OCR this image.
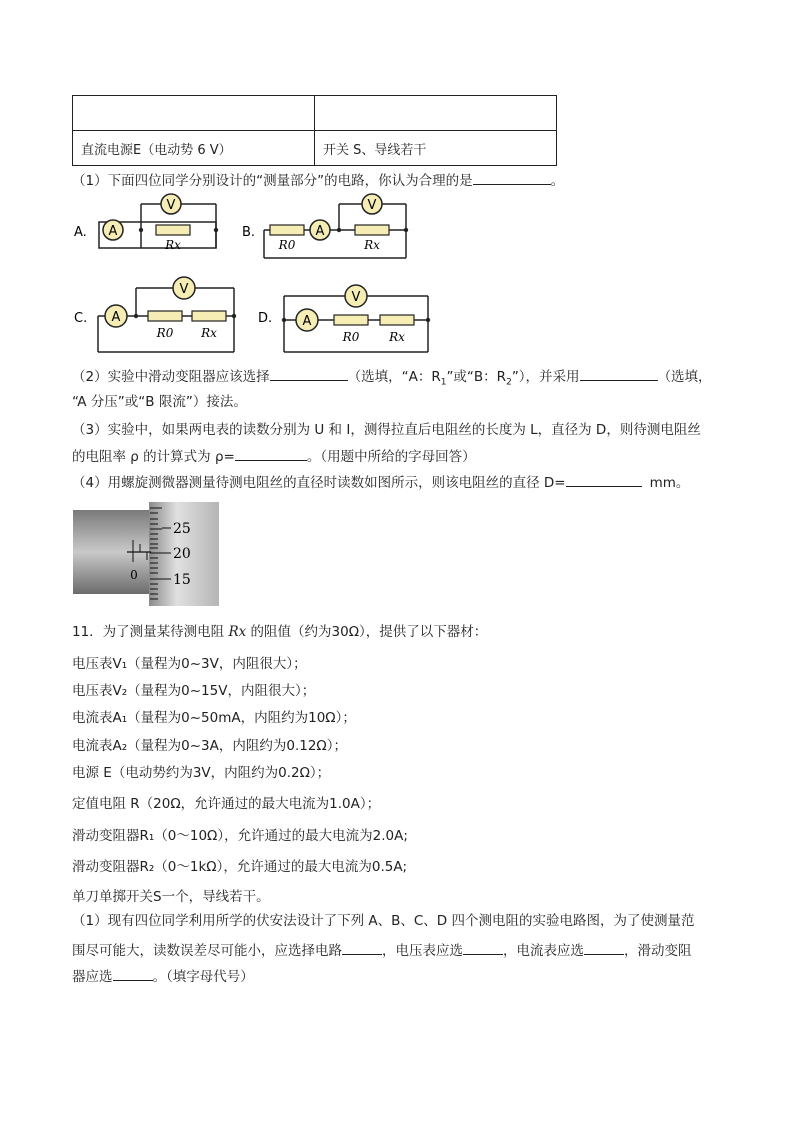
直流电源E（电动势 6 V）	开关 S、导线若干
（1）下面四位同学分别设计的“测量部分”的电路，你认为合理的是	。
A. A
V
Rx
B.
R0
A
V
Rx
C. A
V
R0 Rx
D.
V
A
R0 Rx
（2）实验中滑动变阻器应该选择	（选填，“A：$R_1$”或“B：$R_2$”），并采用	（选填，
“A 分压”或“B 限流”）接法。
（3）实验中，如果两电表的读数分别为 U 和 I，测得拉直后电阻丝的长度为 L，直径为 D，则待测电阻丝
的电阻率 ρ 的计算式为 ρ=	。（用题中所给的字母回答）
（4）用螺旋测微器测量待测电阻丝的直径时读数如图所示，则该电阻丝的直径 D=	mm。
0
25
20
15
11．为了测量某待测电阻 Rx 的阻值（约为30Ω），提供了以下器材：
电压表V₁（量程为0~3V，内阻很大）；
电压表V₂（量程为0~15V，内阻很大）；
电流表A₁（量程为0~50mA，内阻约为10Ω）；
电流表A₂（量程为0~3A，内阻约为0.12Ω）；
电源 E（电动势约为3V，内阻约为0.2Ω）；
定值电阻 R（20Ω，允许通过的最大电流为1.0A）；
滑动变阻器R₁（0～10Ω），允许通过的最大电流为2.0A;
滑动变阻器R₂（0～1kΩ），允许通过的最大电流为0.5A;
单刀单掷开关S一个，导线若干。
（1）现有四位同学利用所学的伏安法设计了下列 A、B、C、D 四个测电阻的实验电路图，为了使测量范
围尽可能大，读数误差尽可能小，应选择电路	，电压表应选	，电流表应选	，滑动变阻
器应选	。（填字母代号）
